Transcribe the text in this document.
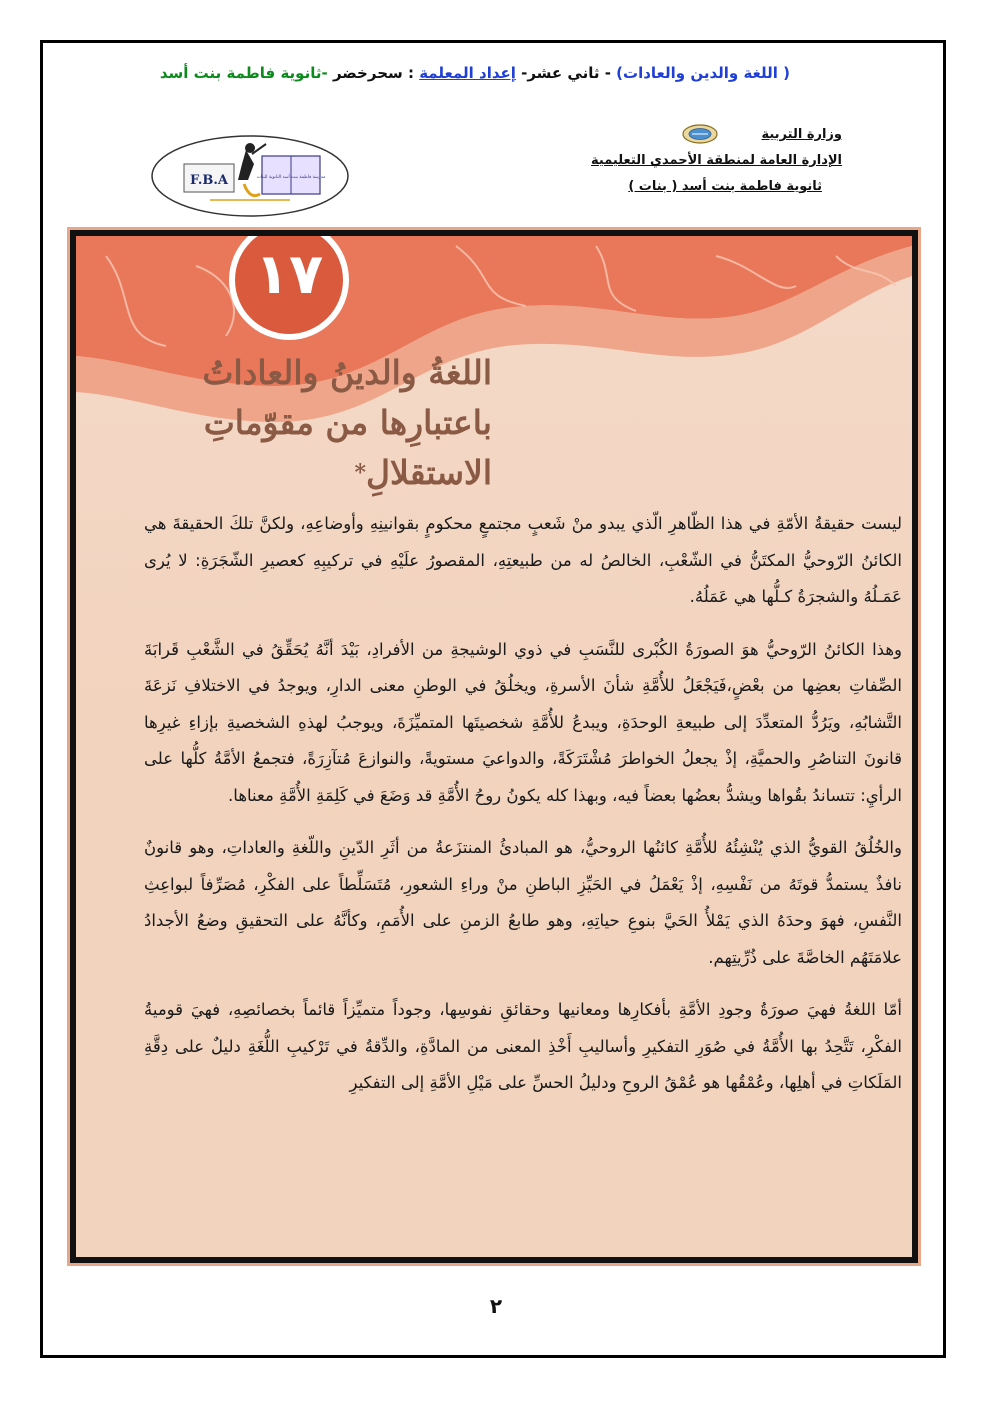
( اللغة والدين والعادات) - ثاني عشر- إعداد المعلمة : سحرخضر -ثانوية فاطمة بنت أسد
وزارة التربية
الإدارة العامة لمنطقة الأحمدي التعليمية
ثانوية فاطمة بنت أسد ( بنات )
F.B.A	مدرسة فاطمة بنت أسد الثانوية للبنات
١٧
اللغةُ والدينُ والعاداتُ
باعتبارِها من مقوّماتِ الاستقلالِ*

ليست حقيقةُ الأمّةِ في هذا الظّاهرِ الّذي يبدو منْ شَعبٍ مجتمعٍ محكومٍ بقوانينِهِ وأوضاعِهِ، ولكنَّ تلكَ الحقيقةَ هي الكائنُ الرّوحيُّ المكتَنُّ في الشّعْبِ، الخالصُ له من طبيعتِهِ، المقصورُ علَيْهِ في تركيبِهِ كعصيرِ الشّجَرَةِ: لا يُرى عَمَـلُهُ والشجرَةُ كـلُّها هي عَمَلُهُ.

وهذا الكائنُ الرّوحيُّ هوَ الصورَةُ الكُبْرى للنَّسَبِ في ذوي الوشيجةِ من الأفرادِ، بَيْدَ أنَّهُ يُحَقِّقُ في الشَّعْبِ قَرابَةَ الصِّفاتِ بعضِها من بعْضٍ،فَيَجْعَلُ للأُمَّةِ شأنَ الأسرةِ، ويخلُقُ في الوطنِ معنى الدارِ، ويوجدُ في الاختلافِ نَزعَةَ التَّشابُهِ، ويَرُدُّ المتعدِّدَ إلى طبيعةِ الوحدَةِ، ويبدعُ للأُمَّةِ شخصيتَها المتميِّزَةَ، ويوجبُ لهذهِ الشخصيةِ بإزاءِ غيرِها قانونَ التناصُرِ والحميَّةِ، إذْ يجعلُ الخواطرَ مُشْتَرَكَةً، والدواعيَ مستويةً، والنوازعَ مُتآزِرَةً، فتجمعُ الأمَّةُ كلُّها على الرأيِ: تتساندُ بقُواها ويشدُّ بعضُها بعضاً فيه، وبهذا كله يكونُ روحُ الأُمَّةِ قد وَضَعَ في كَلِمَةِ الأُمَّةِ معناها.

والخُلُقُ القويُّ الذي يُنْشِئُهُ للأُمَّةِ كائنُها الروحيُّ، هو المبادئُ المنتزَعةُ من أثَرِ الدّينِ واللّغةِ والعاداتِ، وهو قانونٌ نافذٌ يستمدُّ قوتَهُ من نَفْسِهِ، إذْ يَعْمَلُ في الحَيِّزِ الباطنِ منْ وراءِ الشعورِ، مُتَسَلِّطاً على الفكْرِ، مُصَرِّفاً لبواعِثِ النَّفسِ، فهوَ وحدَهُ الذي يَمْلأُ الحَيَّ بنوعِ حياتِهِ، وهو طابعُ الزمنِ على الأُمَمِ، وكأنَّهُ على التحقيقِ وضعُ الأجدادُ علامَتَهُم الخاصَّةَ على ذُرِّيتِهم.

أمّا اللغةُ فهيَ صورَةُ وجودِ الأمَّةِ بأفكارِها ومعانيها وحقائقِ نفوسِها، وجوداً متميِّزاً قائماً بخصائصِهِ، فهيَ قوميةُ الفكْرِ، تَتَّحِدُ بها الأُمَّةُ في صُوَرِ التفكيرِ وأساليبِ أَخْذِ المعنى من المادَّةِ، والدِّقةُ في تَرْكيبِ اللُّغَةِ دليلٌ على دِقَّةِ المَلَكاتِ في أهلِها، وعُمْقُها هو عُمْقُ الروحِ ودليلُ الحسِّ على مَيْلِ الأمَّةِ إلى التفكيرِ

٢
